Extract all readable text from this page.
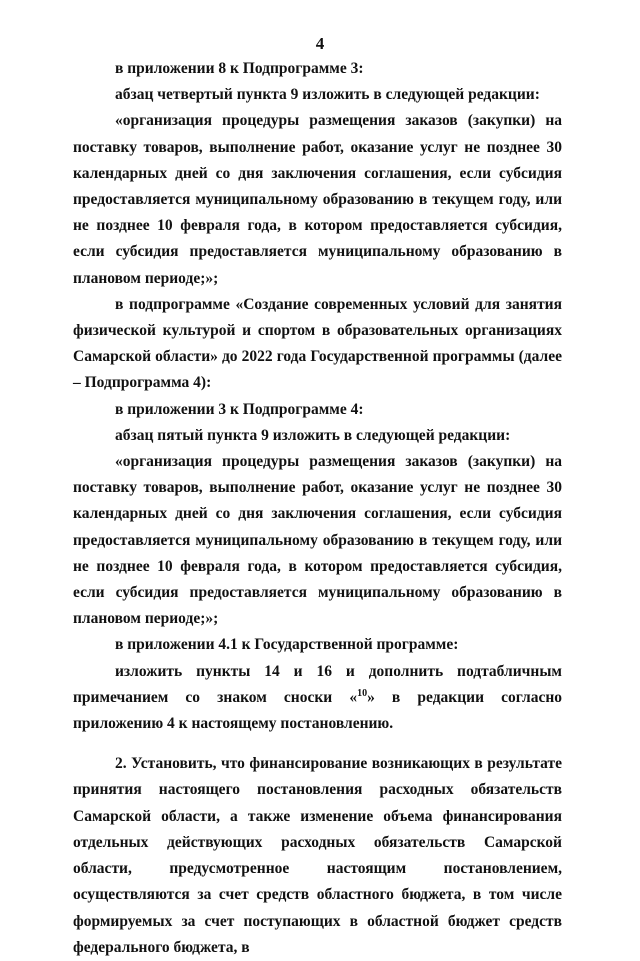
4

в приложении 8 к Подпрограмме 3:

абзац четвертый пункта 9 изложить в следующей редакции:

«организация процедуры размещения заказов (закупки) на поставку товаров, выполнение работ, оказание услуг не позднее 30 календарных дней со дня заключения соглашения, если субсидия предоставляется муниципальному образованию в текущем году, или не позднее 10 февраля года, в котором предоставляется субсидия, если субсидия предоставляется муниципальному образованию в плановом периоде;»;

в подпрограмме «Создание современных условий для занятия физической культурой и спортом в образовательных организациях Самарской области» до 2022 года Государственной программы (далее – Подпрограмма 4):

в приложении 3 к Подпрограмме 4:

абзац пятый пункта 9 изложить в следующей редакции:

«организация процедуры размещения заказов (закупки) на поставку товаров, выполнение работ, оказание услуг не позднее 30 календарных дней со дня заключения соглашения, если субсидия предоставляется муниципальному образованию в текущем году, или не позднее 10 февраля года, в котором предоставляется субсидия, если субсидия предоставляется муниципальному образованию в плановом периоде;»;

в приложении 4.1 к Государственной программе:

изложить пункты 14 и 16 и дополнить подтабличным примечанием со знаком сноски «$^{10}$» в редакции согласно приложению 4 к настоящему постановлению.

2. Установить, что финансирование возникающих в результате принятия настоящего постановления расходных обязательств Самарской области, а также изменение объема финансирования отдельных действующих расходных обязательств Самарской области, предусмотренное настоящим постановлением, осуществляются за счет средств областного бюджета, в том числе формируемых за счет поступающих в областной бюджет средств федерального бюджета, в
